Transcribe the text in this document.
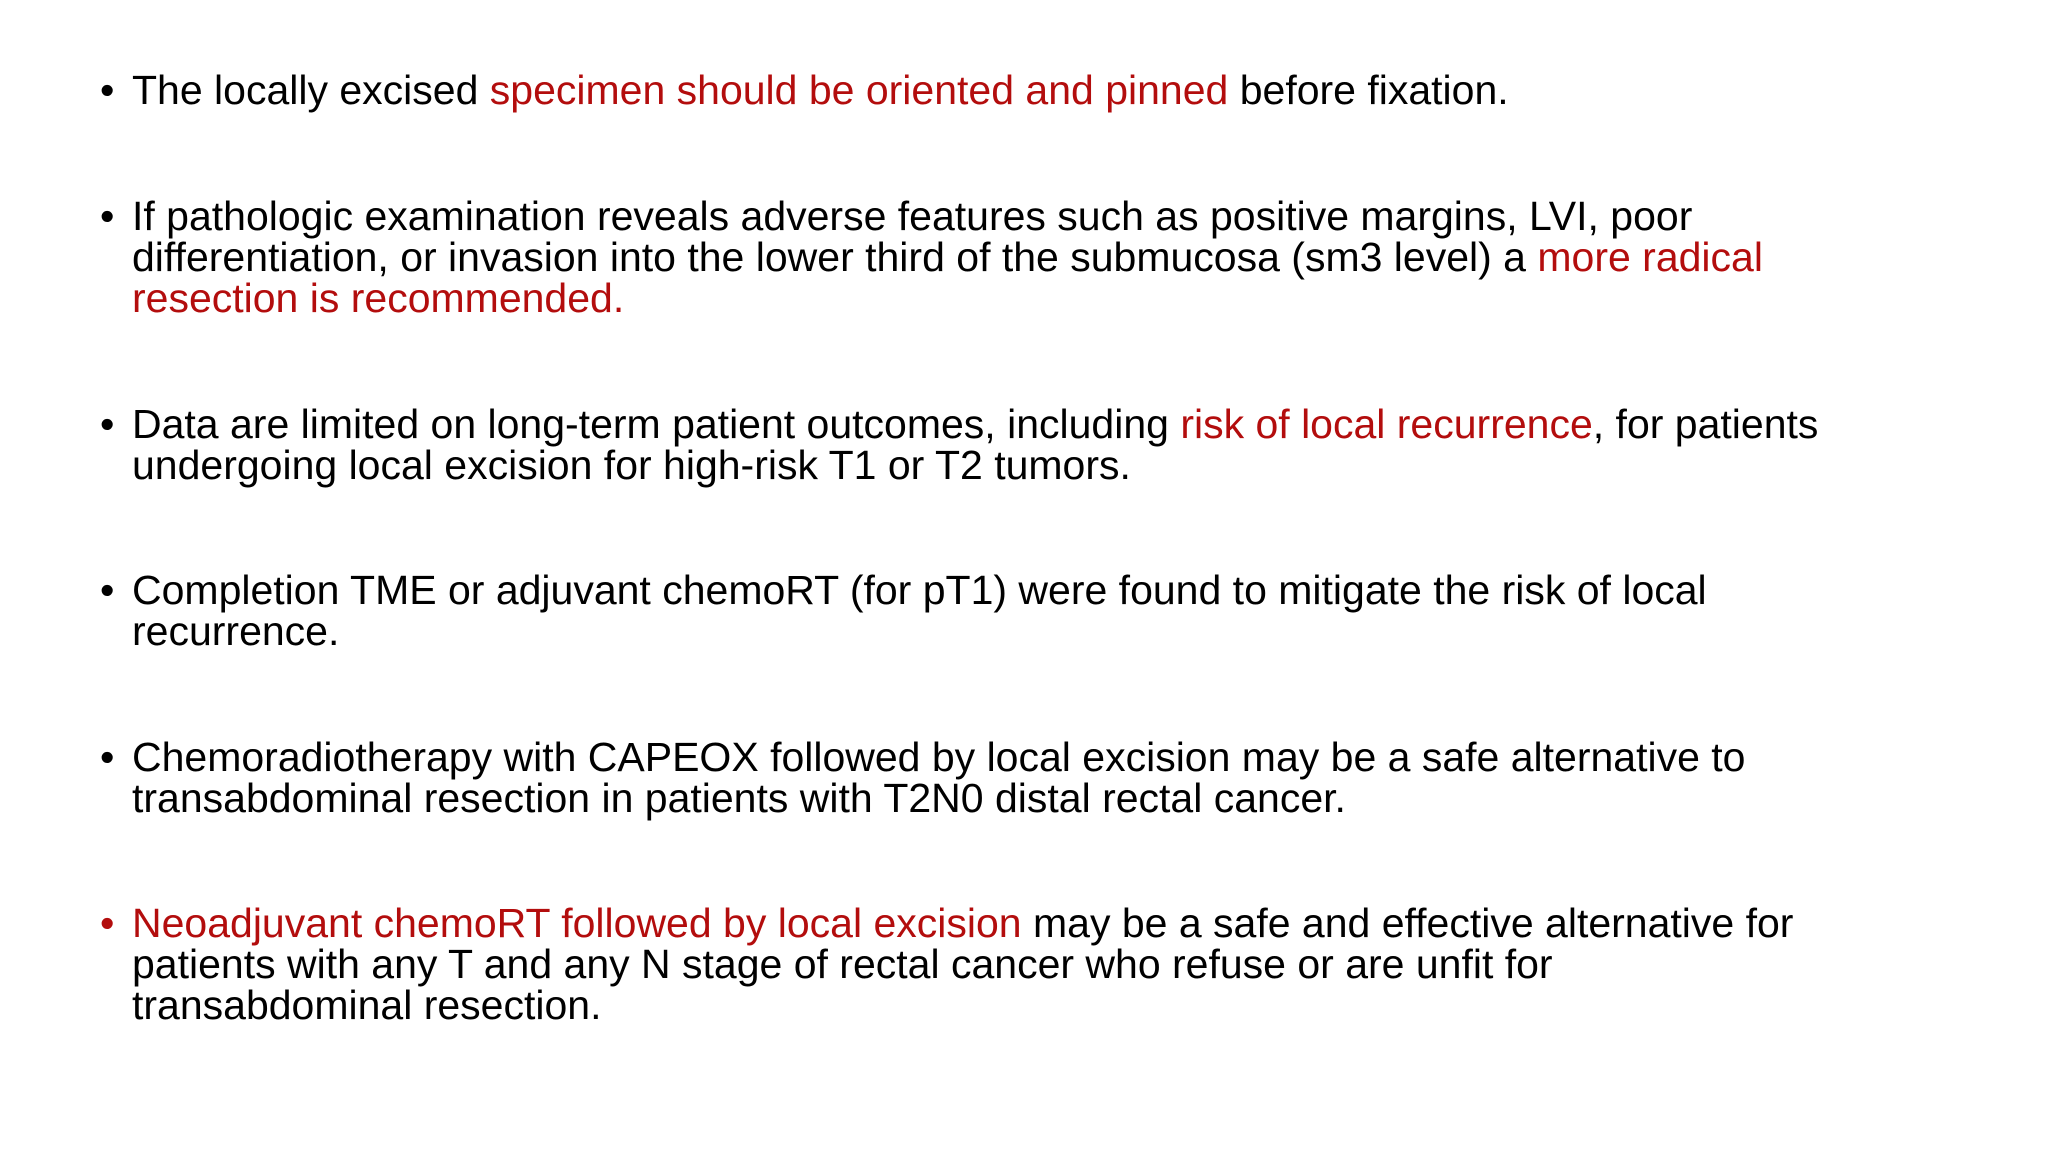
• The locally excised specimen should be oriented and pinned before fixation.
• If pathologic examination reveals adverse features such as positive margins, LVI, poor
differentiation, or invasion into the lower third of the submucosa (sm3 level) a more radical
resection is recommended.
• Data are limited on long-term patient outcomes, including risk of local recurrence, for patients
undergoing local excision for high-risk T1 or T2 tumors.
• Completion TME or adjuvant chemoRT (for pT1) were found to mitigate the risk of local
recurrence.
• Chemoradiotherapy with CAPEOX followed by local excision may be a safe alternative to
transabdominal resection in patients with T2N0 distal rectal cancer.
• Neoadjuvant chemoRT followed by local excision may be a safe and effective alternative for
patients with any T and any N stage of rectal cancer who refuse or are unfit for
transabdominal resection.
